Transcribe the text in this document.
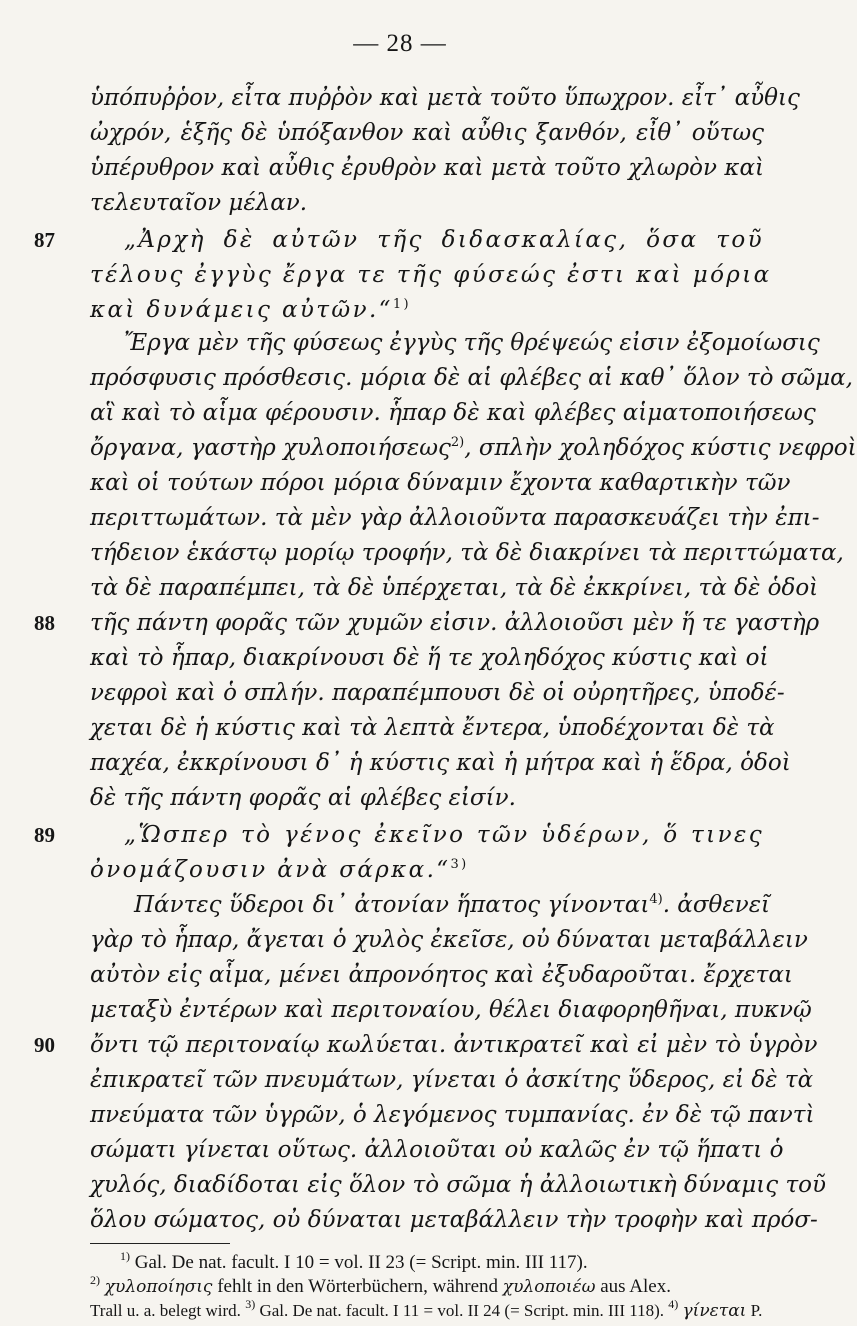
— 28 —
ὑπόπυῤῥον, εἶτα πυῤῥὸν καὶ μετὰ τοῦτο ὕπωχρον. εἶτ᾽ αὖθις
ὠχρόν, ἑξῆς δὲ ὑπόξανθον καὶ αὖθις ξανθόν, εἶθ᾽ οὕτως
ὑπέρυθρον καὶ αὖθις ἐρυθρὸν καὶ μετὰ τοῦτο χλωρὸν καὶ
τελευταῖον μέλαν.
87	„Ἀρχὴ δὲ αὐτῶν τῆς διδασκαλίας, ὅσα τοῦ
τέλους ἐγγὺς ἔργα τε τῆς φύσεώς ἐστι καὶ μόρια
καὶ δυνάμεις αὐτῶν.“$^{1)}$
Ἔργα μὲν τῆς φύσεως ἐγγὺς τῆς θρέψεώς εἰσιν ἐξομοίωσις
πρόσφυσις πρόσθεσις. μόρια δὲ αἱ φλέβες αἱ καθ᾽ ὅλον τὸ σῶμα,
αἳ καὶ τὸ αἷμα φέρουσιν. ἧπαρ δὲ καὶ φλέβες αἱματοποιήσεως
ὄργανα, γαστὴρ χυλοποιήσεως$^{2)}$, σπλὴν χοληδόχος κύστις νεφροὶ
καὶ οἱ τούτων πόροι μόρια δύναμιν ἔχοντα καθαρτικὴν τῶν
περιττωμάτων. τὰ μὲν γὰρ ἀλλοιοῦντα παρασκευάζει τὴν ἐπι-
τήδειον ἑκάστῳ μορίῳ τροφήν, τὰ δὲ διακρίνει τὰ περιττώματα,
τὰ δὲ παραπέμπει, τὰ δὲ ὑπέρχεται, τὰ δὲ ἐκκρίνει, τὰ δὲ ὁδοὶ
88	τῆς πάντη φορᾶς τῶν χυμῶν εἰσιν. ἀλλοιοῦσι μὲν ἥ τε γαστὴρ
καὶ τὸ ἧπαρ, διακρίνουσι δὲ ἥ τε χοληδόχος κύστις καὶ οἱ
νεφροὶ καὶ ὁ σπλήν. παραπέμπουσι δὲ οἱ οὐρητῆρες, ὑποδέ-
χεται δὲ ἡ κύστις καὶ τὰ λεπτὰ ἔντερα, ὑποδέχονται δὲ τὰ
παχέα, ἐκκρίνουσι δ᾽ ἡ κύστις καὶ ἡ μήτρα καὶ ἡ ἕδρα, ὁδοὶ
δὲ τῆς πάντη φορᾶς αἱ φλέβες εἰσίν.
89	„Ὥσπερ τὸ γένος ἐκεῖνο τῶν ὑδέρων, ὅ τινες
ὀνομάζουσιν ἀνὰ σάρκα.“$^{3)}$
Πάντες ὕδεροι δι᾽ ἀτονίαν ἥπατος γίνονται$^{4)}$. ἀσθενεῖ
γὰρ τὸ ἧπαρ, ἄγεται ὁ χυλὸς ἐκεῖσε, οὐ δύναται μεταβάλλειν
αὐτὸν εἰς αἷμα, μένει ἀπρονόητος καὶ ἐξυδαροῦται. ἔρχεται
μεταξὺ ἐντέρων καὶ περιτοναίου, θέλει διαφορηθῆναι, πυκνῷ
90	ὄντι τῷ περιτοναίῳ κωλύεται. ἀντικρατεῖ καὶ εἰ μὲν τὸ ὑγρὸν
ἐπικρατεῖ τῶν πνευμάτων, γίνεται ὁ ἀσκίτης ὕδερος, εἰ δὲ τὰ
πνεύματα τῶν ὑγρῶν, ὁ λεγόμενος τυμπανίας. ἐν δὲ τῷ παντὶ
σώματι γίνεται οὕτως. ἀλλοιοῦται οὐ καλῶς ἐν τῷ ἥπατι ὁ
χυλός, διαδίδοται εἰς ὅλον τὸ σῶμα ἡ ἀλλοιωτικὴ δύναμις τοῦ
ὅλου σώματος, οὐ δύναται μεταβάλλειν τὴν τροφὴν καὶ πρόσ-
$^{1)}$ Gal. De nat. facult. I 10 = vol. II 23 (= Script. min. III 117).
$^{2)}$ χυλοποίησις fehlt in den Wörterbüchern, während χυλοποιέω aus Alex.
Trall u. a. belegt wird. $^{3)}$ Gal. De nat. facult. I 11 = vol. II 24 (= Script. min. III 118). $^{4)}$ γίνεται P.
